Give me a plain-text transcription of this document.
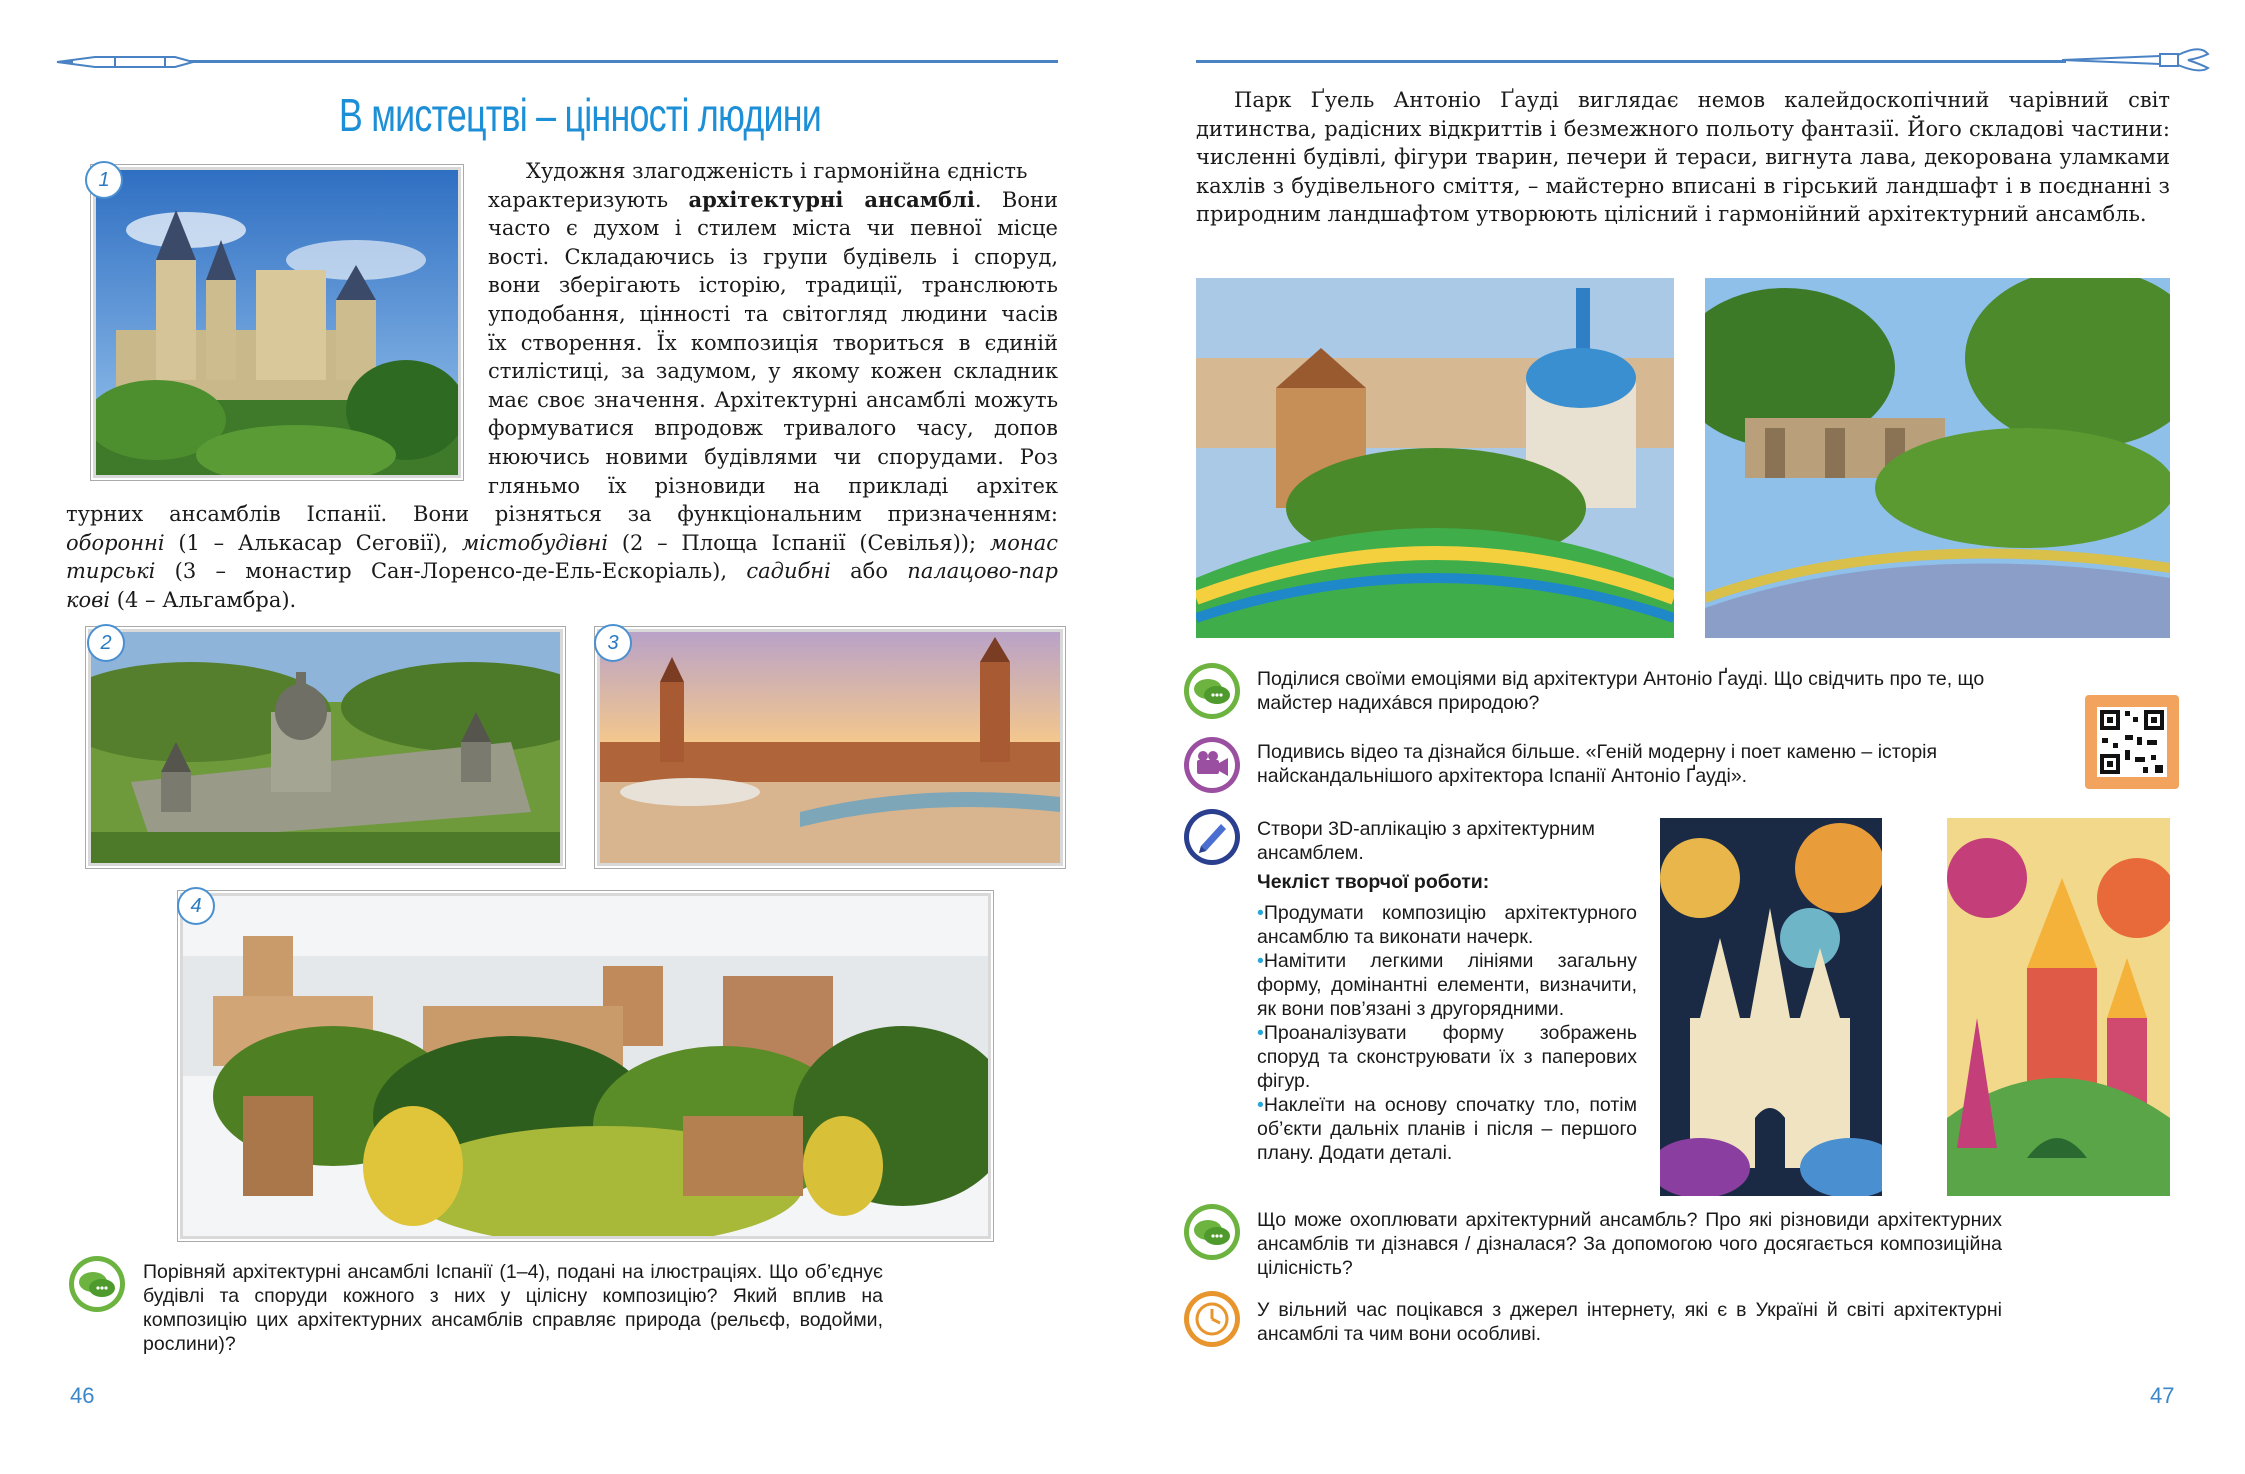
В мистецтві – цінності людини
1	Художня злагодженість і гармонійна єдність
характеризують архітектурні ансамблі. Вони
часто є духом і стилем міста чи певної місце
вості. Складаючись із групи будівель і споруд,
вони зберігають історію, традиції, транслюють
уподобання, цінності та світогляд людини часів
їх створення. Їх композиція твориться в єдиній
стилістиці, за задумом, у якому кожен складник
має своє значення. Архітектурні ансамблі можуть
формуватися впродовж тривалого часу, допов
нюючись новими будівлями чи спорудами. Роз
гляньмо їх різновиди на прикладі архітек
турних ансамблів Іспанії. Вони різняться за функціональним призначенням:
оборонні (1 – Алькасар Сеговії), містобудівні (2 – Площа Іспанії (Севілья)); монас
тирські (3 – монастир Сан-Лоренсо-де-Ель-Ескоріаль), садибні або палацово-пар
кові (4 – Альгамбра).
2	3
4
Порівняй архітектурні ансамблі Іспанії (1–4), подані на ілюстраціях. Що об’єднує будівлі та споруди кожного з них у цілісну композицію? Який вплив на композицію цих архітектурних ансамблів справляє природа (рельєф, водойми, рослини)?
46
Парк Ґуель Антоніо Ґауді виглядає немов калейдоскопічний чарівний світ дитинства, радісних відкриттів і безмежного польоту фантазії. Його складові частини: численні будівлі, фігури тварин, печери й тераси, вигнута лава, декорована уламками кахлів з будівельного сміття, – майстерно вписані в гірський ландшафт і в поєднанні з природним ландшафтом утворюють цілісний і гармонійний архітектурний ансамбль.
Поділися своїми емоціями від архітектури Антоніо Ґауді. Що свідчить про те, що майстер надихáвся природою?
Подивись відео та дізнайся більше. «Геній модерну і поет каменю – історія найскандальнішого архітектора Іспанії Антоніо Ґауді».
Створи 3D-аплікацію з архітектурним ансамблем.
Чекліст творчої роботи:
•Продумати композицію архітектурного ансамблю та виконати начерк.
•Намітити легкими лініями загальну форму, домінантні елементи, визначити, як вони пов’язані з другорядними.
•Проаналізувати форму зображень споруд та сконструювати їх з паперових фігур.
•Наклеїти на основу спочатку тло, потім об’єкти дальніх планів і після – першого плану. Додати деталі.
Що може охоплювати архітектурний ансамбль? Про які різновиди архітектурних ансамблів ти дізнався / дізналася? За допомогою чого досягається композиційна цілісність?
У вільний час поцікався з джерел інтернету, які є в Україні й світі архітектурні ансамблі та чим вони особливі.
47
